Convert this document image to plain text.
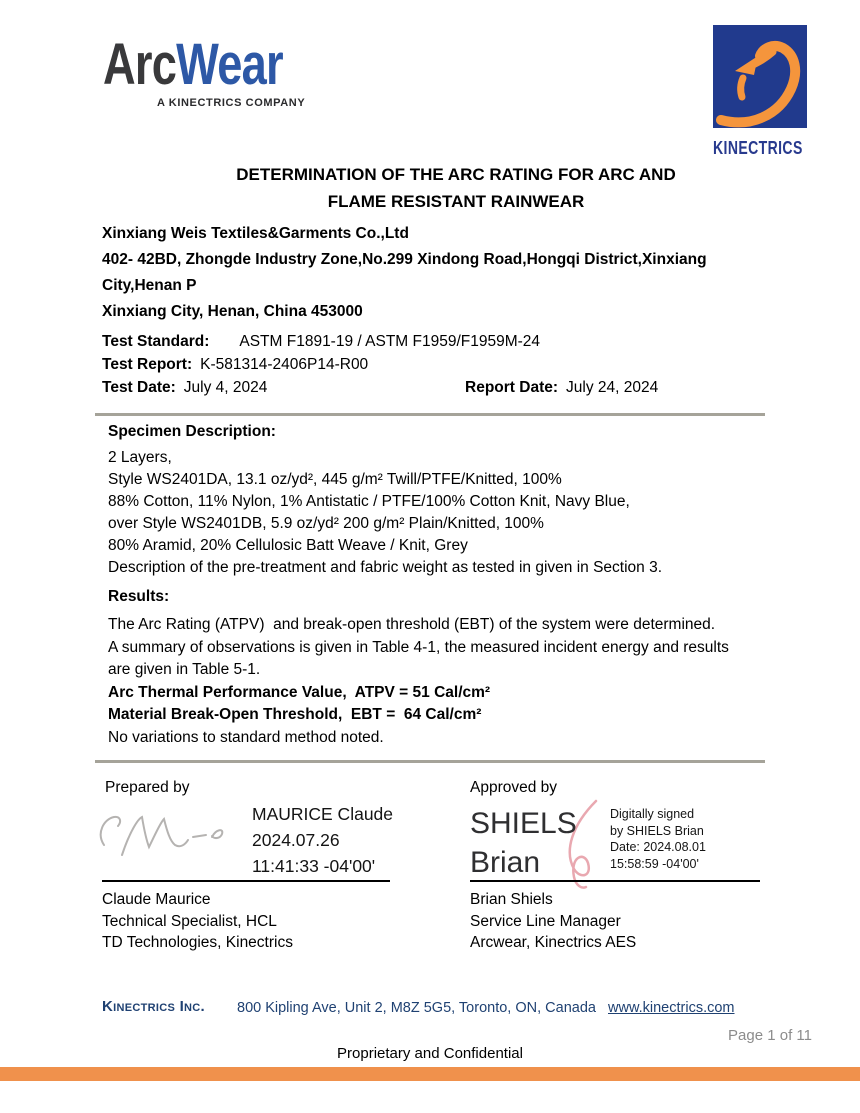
ArcWear
A KINECTRICS COMPANY
KINECTRICS
DETERMINATION OF THE ARC RATING FOR ARC AND
FLAME RESISTANT RAINWEAR
Xinxiang Weis Textiles&Garments Co.,Ltd
402- 42BD, Zhongde Industry Zone,No.299 Xindong Road,Hongqi District,Xinxiang
City,Henan P
Xinxiang City, Henan, China 453000
Test Standard: ASTM F1891-19 / ASTM F1959/F1959M-24
Test Report: K-581314-2406P14-R00
Test Date: July 4, 2024	Report Date: July 24, 2024
Specimen Description:
2 Layers,
Style WS2401DA, 13.1 oz/yd², 445 g/m² Twill/PTFE/Knitted, 100%
88% Cotton, 11% Nylon, 1% Antistatic / PTFE/100% Cotton Knit, Navy Blue,
over Style WS2401DB, 5.9 oz/yd² 200 g/m² Plain/Knitted, 100%
80% Aramid, 20% Cellulosic Batt Weave / Knit, Grey
Description of the pre-treatment and fabric weight as tested in given in Section 3.
Results:
The Arc Rating (ATPV)  and break-open threshold (EBT) of the system were determined.
A summary of observations is given in Table 4-1, the measured incident energy and results
are given in Table 5-1.
Arc Thermal Performance Value,  ATPV = 51 Cal/cm²
Material Break-Open Threshold,  EBT =  64 Cal/cm²
No variations to standard method noted.
Prepared by	Approved by
MAURICE Claude
2024.07.26
11:41:33 -04'00'
SHIELS
Brian
Digitally signed
by SHIELS Brian
Date: 2024.08.01
15:58:59 -04'00'
Claude Maurice
Technical Specialist, HCL
TD Technologies, Kinectrics
Brian Shiels
Service Line Manager
Arcwear, Kinectrics AES
Kinectrics Inc. 800 Kipling Ave, Unit 2, M8Z 5G5, Toronto, ON, Canada www.kinectrics.com
Page 1 of 11
Proprietary and Confidential
